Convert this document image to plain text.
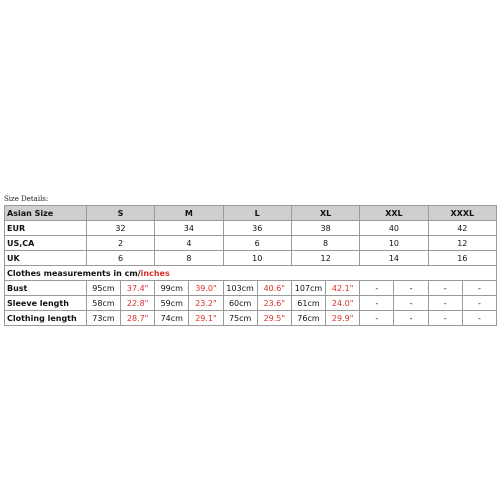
Size Details:
Asian Size	S		M		L		XL		XXL		XXXL	
EUR	32		34		36		38		40		42	
US,CA	2		4		6		8		10		12	
UK	6		8		10		12		14		16	
Clothes measurements in cm/inches												
Bust	95cm	37.4"	99cm	39.0"	103cm	40.6"	107cm	42.1"	-	-	-	-
Sleeve length	58cm	22.8"	59cm	23.2"	60cm	23.6"	61cm	24.0"	-	-	-	-
Clothing length	73cm	28.7"	74cm	29.1"	75cm	29.5"	76cm	29.9"	-	-	-	-
